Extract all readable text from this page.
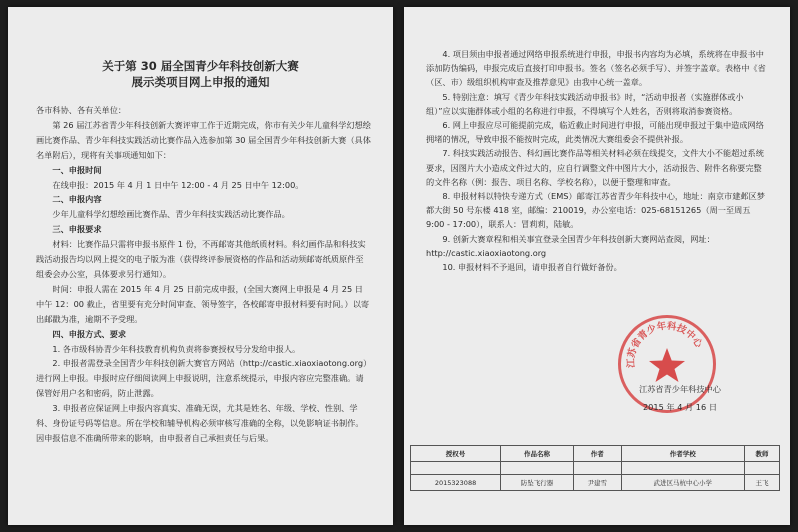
关于第 30 届全国青少年科技创新大赛

展示类项目网上申报的通知

各市科协、各有关单位：

第 26 届江苏省青少年科技创新大赛评审工作于近期完成，你市有关少年儿童科学幻想绘画比赛作品、青少年科技实践活动比赛作品入选参加第 30 届全国青少年科技创新大赛（具体名单附后），现将有关事项通知如下：

一、申报时间

在线申报：2015 年 4 月 1 日中午 12:00 - 4 月 25 日中午 12:00。

二、申报内容

少年儿童科学幻想绘画比赛作品、青少年科技实践活动比赛作品。

三、申报要求

材料：比赛作品只需将申报书原件 1 份，不再邮寄其他纸质材料。科幻画作品和科技实践活动报告均以网上提交的电子版为准（获得终评参展资格的作品和活动须邮寄纸质原件至组委会办公室，具体要求另行通知）。

时间：申报人需在 2015 年 4 月 25 日前完成申报，(全国大赛网上申报是 4 月 25 日中午 12：00 截止，省里要有充分时间审查、领导签字，各校邮寄申报材料要有时间。）以寄出邮戳为准，逾期不予受理。

四、申报方式、要求

1. 各市级科协青少年科技教育机构负责将参赛授权号分发给申报人。

2. 申报者需登录全国青少年科技创新大赛官方网站（http://castic.xiaoxiaotong.org）进行网上申报。申报时应仔细阅读网上申报说明，注意系统提示，申报内容应完整准确。请保管好用户名和密码，防止泄露。

3. 申报者应保证网上申报内容真实、准确无误，尤其是姓名、年级、学校、性别、学科、身份证号码等信息。所在学校和辅导机构必须审核写准确的全称，以免影响证书制作。因申报信息不准确所带来的影响，由申报者自己承担责任与后果。

4. 项目须由申报者通过网络申报系统进行申报，申报书内容均为必填，系统将在申报书中添加防伪编码，申报完成后直接打印申报书。签名（签名必须手写）、并签字盖章。表格中《省（区、市）级组织机构审查及推荐意见》由我中心统一盖章。

5. 特别注意：填写《青少年科技实践活动申报书》时，“活动申报者（实施群体或小组）”应以实施群体或小组的名称进行申报，不得填写个人姓名，否则将取消参赛资格。

6. 网上申报应尽可能提前完成，临近截止时间进行申报，可能出现申报过于集中造成网络拥堵的情况，导致申报不能按时完成，此类情况大赛组委会不提供补报。

7. 科技实践活动报告、科幻画比赛作品等相关材料必须在线提交，文件大小不能超过系统要求，因图片大小造成文件过大的，应自行调整文件中图片大小，活动报告、附件名称要完整的文件名称（例：报告、项目名称、学校名称），以便于整理和审查。

8. 申报材料以特快专递方式（EMS）邮寄江苏省青少年科技中心，地址：南京市建邺区梦都大街 50 号东楼 418 室，邮编：210019，办公室电话：025-68151265（周一至周五 9:00 - 17:00），联系人：冒莉莉，陆敏。

9. 创新大赛章程和相关事宜登录全国青少年科技创新大赛网站查阅，网址：http://castic.xiaoxiaotong.org

10. 申报材料不予退回，请申报者自行做好备份。

江苏省青少年科技中心
江苏省青少年科技中心
2015 年 4 月 16 日
授权号	作品名称	作者	作者学校	教师

2015323088	防坠飞行器	尹建雪	武进区马杭中心小学	王飞
